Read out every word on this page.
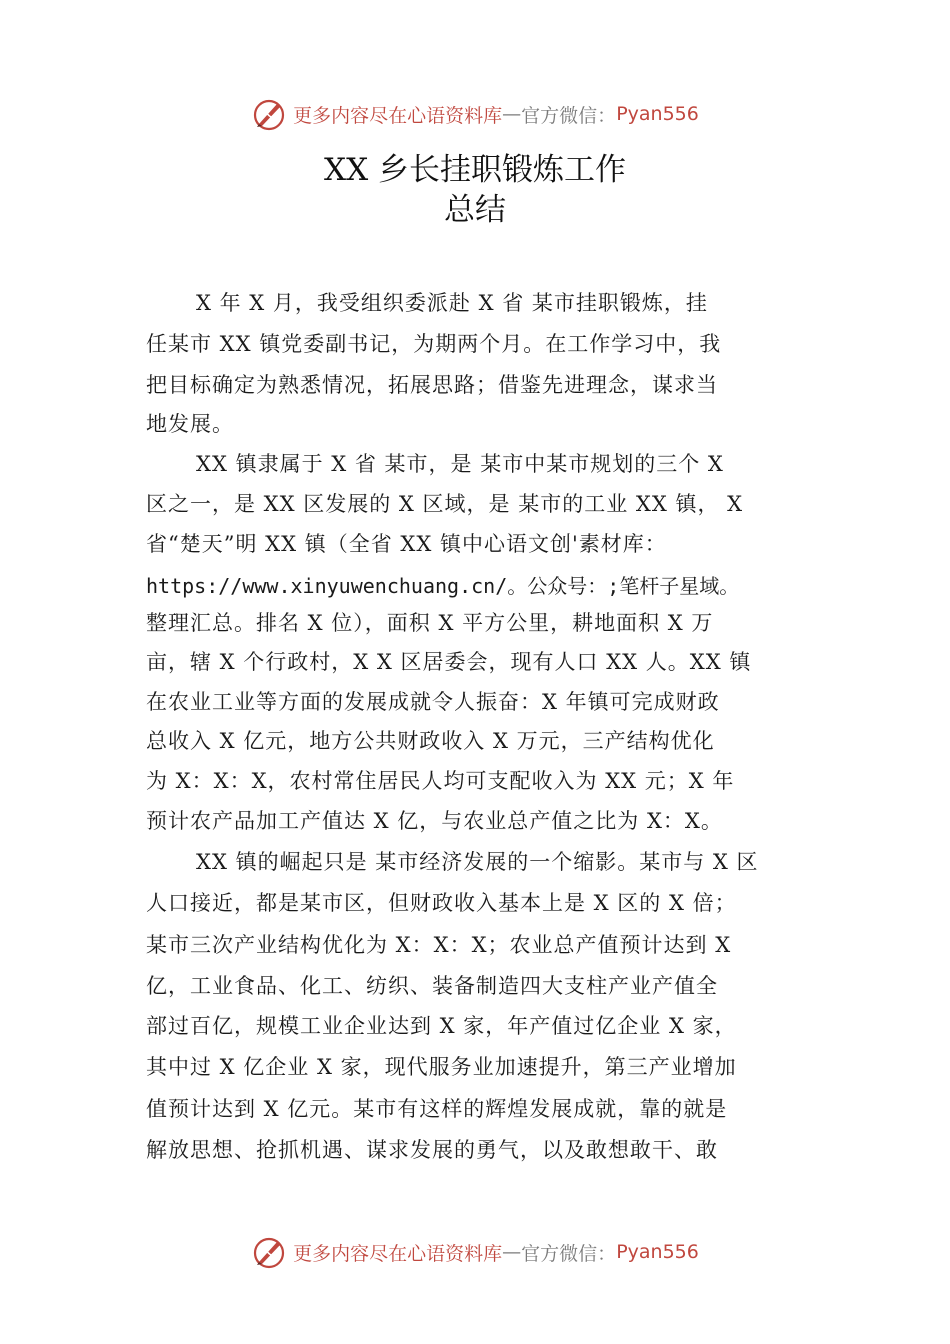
更多内容尽在心语资料库 — 官方微信： Pyan556
XX 乡长挂职锻炼工作
总结
X 年 X 月，我受组织委派赴 X 省 某市挂职锻炼，挂
任某市 XX 镇党委副书记，为期两个月。在工作学习中，我
把目标确定为熟悉情况，拓展思路；借鉴先进理念，谋求当
地发展。
XX 镇隶属于 X 省 某市，是 某市中某市规划的三个 X
区之一，是 XX 区发展的 X 区域，是 某市的工业 XX 镇， X
省“楚天”明 XX 镇（全省 XX 镇中心语文创'素材库：
https://www.xinyuwenchuang.cn/。公众号：;笔杆子星域。
整理汇总。排名 X 位），面积 X 平方公里，耕地面积 X 万
亩，辖 X 个行政村，X X 区居委会，现有人口 XX 人。XX 镇
在农业工业等方面的发展成就令人振奋：X 年镇可完成财政
总收入 X 亿元，地方公共财政收入 X 万元，三产结构优化
为 X：X：X，农村常住居民人均可支配收入为 XX 元；X 年
预计农产品加工产值达 X 亿，与农业总产值之比为 X：X。
XX 镇的崛起只是 某市经济发展的一个缩影。某市与 X 区
人口接近，都是某市区，但财政收入基本上是 X 区的 X 倍；
某市三次产业结构优化为 X：X：X；农业总产值预计达到 X
亿，工业食品、化工、纺织、装备制造四大支柱产业产值全
部过百亿，规模工业企业达到 X 家，年产值过亿企业 X 家，
其中过 X 亿企业 X 家，现代服务业加速提升，第三产业增加
值预计达到 X 亿元。某市有这样的辉煌发展成就，靠的就是
解放思想、抢抓机遇、谋求发展的勇气，以及敢想敢干、敢
更多内容尽在心语资料库 — 官方微信： Pyan556
